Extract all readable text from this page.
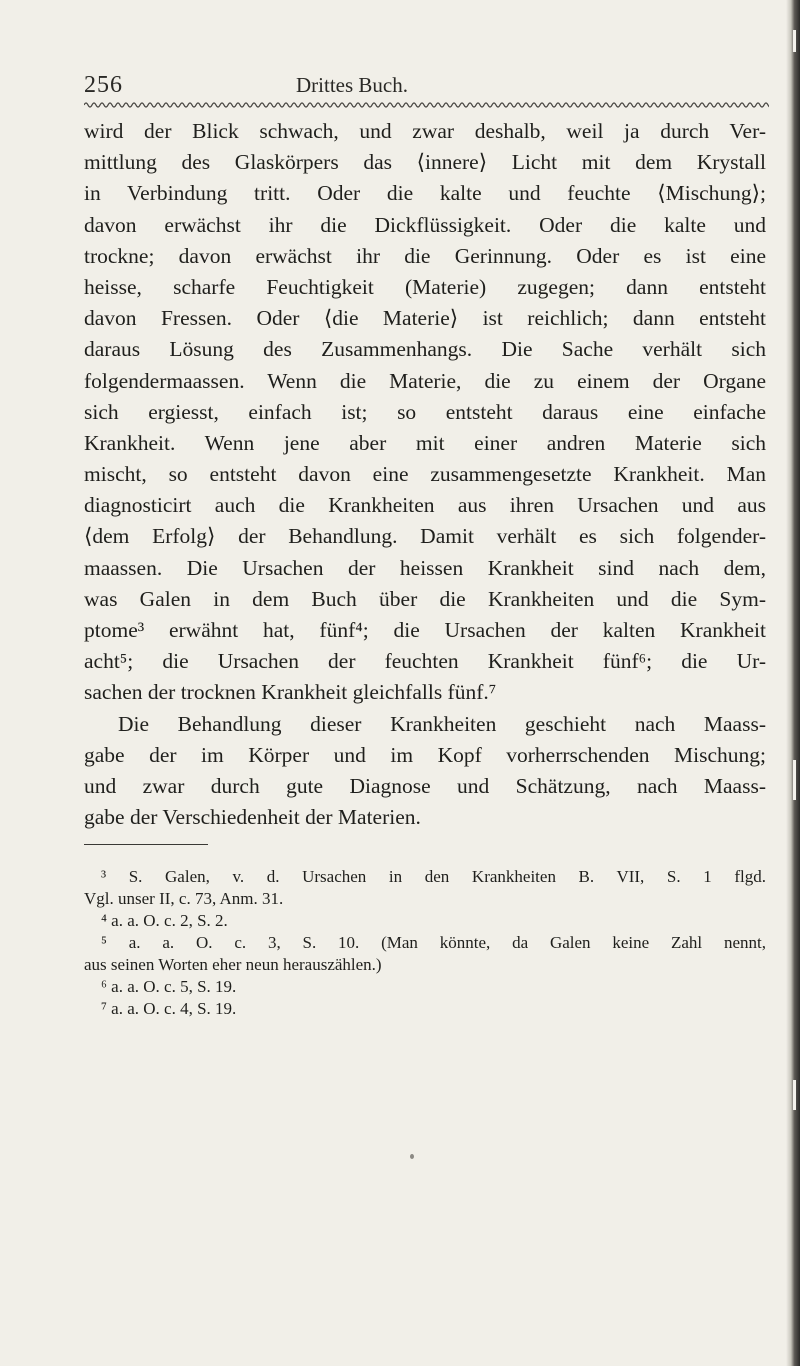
256	Drittes Buch.
wird der Blick schwach, und zwar deshalb, weil ja durch Ver-
mittlung des Glaskörpers das ⟨innere⟩ Licht mit dem Krystall
in Verbindung tritt. Oder die kalte und feuchte ⟨Mischung⟩;
davon erwächst ihr die Dickflüssigkeit. Oder die kalte und
trockne; davon erwächst ihr die Gerinnung. Oder es ist eine
heisse, scharfe Feuchtigkeit (Materie) zugegen; dann entsteht
davon Fressen. Oder ⟨die Materie⟩ ist reichlich; dann entsteht
daraus Lösung des Zusammenhangs. Die Sache verhält sich
folgendermaassen. Wenn die Materie, die zu einem der Organe
sich ergiesst, einfach ist; so entsteht daraus eine einfache
Krankheit. Wenn jene aber mit einer andren Materie sich
mischt, so entsteht davon eine zusammengesetzte Krankheit. Man
diagnosticirt auch die Krankheiten aus ihren Ursachen und aus
⟨dem Erfolg⟩ der Behandlung. Damit verhält es sich folgender-
maassen. Die Ursachen der heissen Krankheit sind nach dem,
was Galen in dem Buch über die Krankheiten und die Sym-
ptome³ erwähnt hat, fünf⁴; die Ursachen der kalten Krankheit
acht⁵; die Ursachen der feuchten Krankheit fünf⁶; die Ur-
sachen der trocknen Krankheit gleichfalls fünf.⁷
Die Behandlung dieser Krankheiten geschieht nach Maass-
gabe der im Körper und im Kopf vorherrschenden Mischung;
und zwar durch gute Diagnose und Schätzung, nach Maass-
gabe der Verschiedenheit der Materien.
³ S. Galen, v. d. Ursachen in den Krankheiten B. VII, S. 1 flgd.
Vgl. unser II, c. 73, Anm. 31.
⁴ a. a. O. c. 2, S. 2.
⁵ a. a. O. c. 3, S. 10. (Man könnte, da Galen keine Zahl nennt,
aus seinen Worten eher neun herauszählen.)
⁶ a. a. O. c. 5, S. 19.
⁷ a. a. O. c. 4, S. 19.
